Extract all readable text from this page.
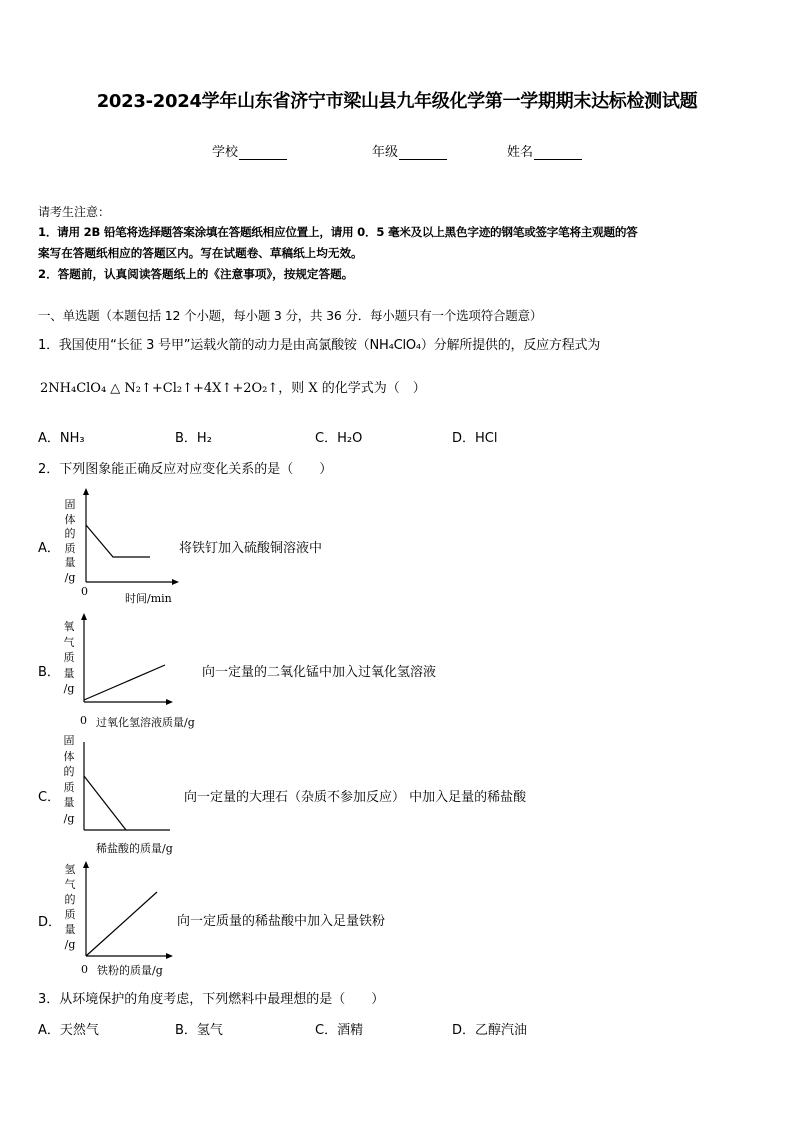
2023-2024学年山东省济宁市梁山县九年级化学第一学期期末达标检测试题
学校	年级	姓名
请考生注意：
1．请用 2B 铅笔将选择题答案涂填在答题纸相应位置上，请用 0．5 毫米及以上黑色字迹的钢笔或签字笔将主观题的答
案写在答题纸相应的答题区内。写在试题卷、草稿纸上均无效。
2．答题前，认真阅读答题纸上的《注意事项》，按规定答题。
一、单选题（本题包括 12 个小题，每小题 3 分，共 36 分．每小题只有一个选项符合题意）
1．我国使用“长征 3 号甲”运载火箭的动力是由高氯酸铵（NH₄ClO₄）分解所提供的，反应方程式为
2NH₄ClO₄ △ N₂↑+Cl₂↑+4X↑+2O₂↑，则 X 的化学式为（　）
A．NH₃	B．H₂	C．H₂O	D．HCl
2．下列图象能正确反应对应变化关系的是（　　）
A．
固
体
的
质
量
/g
0
时间/min
将铁钉加入硫酸铜溶液中
B．
氧
气
质
量
/g
0 过氧化氢溶液质量/g
向一定量的二氧化锰中加入过氧化氢溶液
C．
固
体
的
质
量
/g
稀盐酸的质量/g
向一定量的大理石（杂质不参加反应） 中加入足量的稀盐酸
D．
氢
气
的
质
量
/g
0 铁粉的质量/g
向一定质量的稀盐酸中加入足量铁粉
3．从环境保护的角度考虑，下列燃料中最理想的是（　　）
A．天然气	B．氢气	C．酒精	D．乙醇汽油
